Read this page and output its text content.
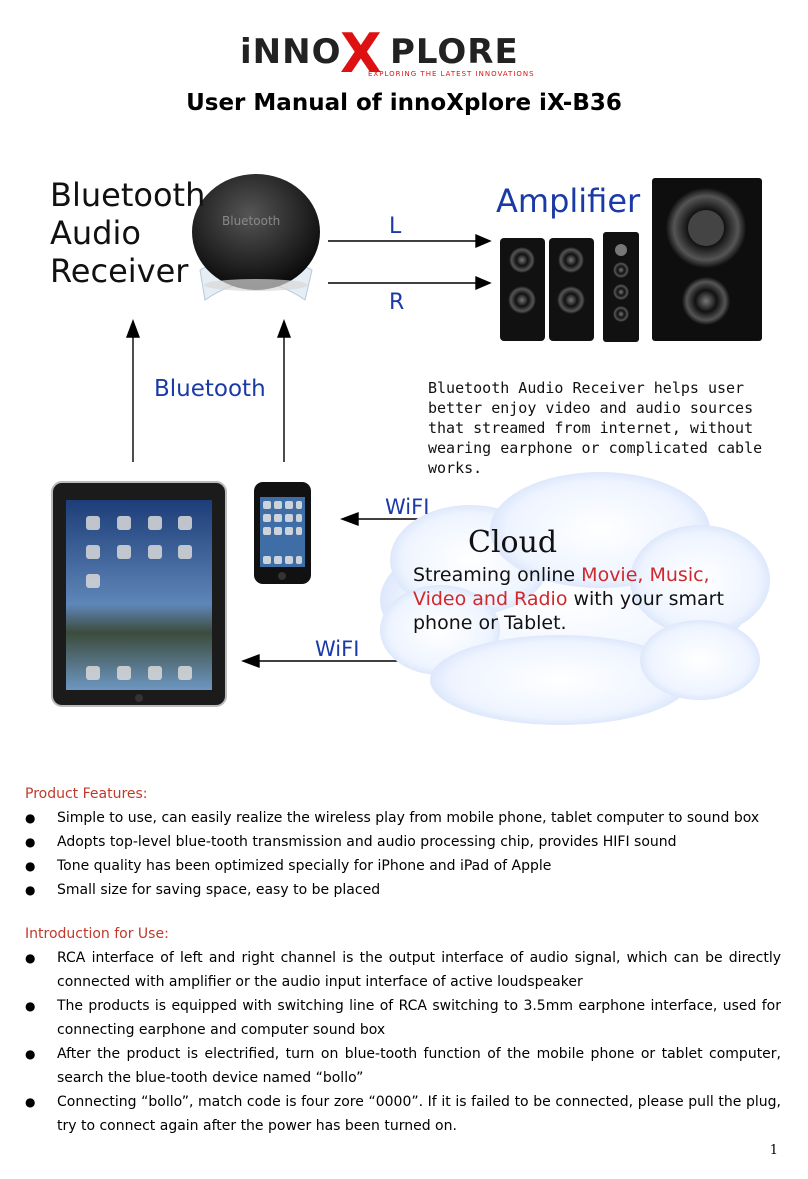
iNNO
X PLORE
EXPLORING THE LATEST INNOVATIONS
User Manual of innoXplore iX-B36
Bluetooth
Audio
Receiver
Bluetooth
Amplifier
L
R
Bluetooth	Bluetooth Audio Receiver helps user better enjoy video and audio sources that streamed from internet, without wearing earphone or complicated cable works.
WiFI
WiFI
Cloud
Streaming online Movie, Music, Video and Radio with your smart phone or Tablet.
Product Features:
● Simple to use, can easily realize the wireless play from mobile phone, tablet computer to sound box
● Adopts top-level blue-tooth transmission and audio processing chip, provides HIFI sound
● Tone quality has been optimized specially for iPhone and iPad of Apple
● Small size for saving space, easy to be placed
Introduction for Use:
● RCA interface of left and right channel is the output interface of audio signal, which can be directly connected with amplifier or the audio input interface of active loudspeaker
● The products is equipped with switching line of RCA switching to 3.5mm earphone interface, used for connecting earphone and computer sound box
● After the product is electrified, turn on blue-tooth function of the mobile phone or tablet computer, search the blue-tooth device named “bollo”
● Connecting “bollo”, match code is four zore “0000”. If it is failed to be connected, please pull the plug, try to connect again after the power has been turned on.
1
